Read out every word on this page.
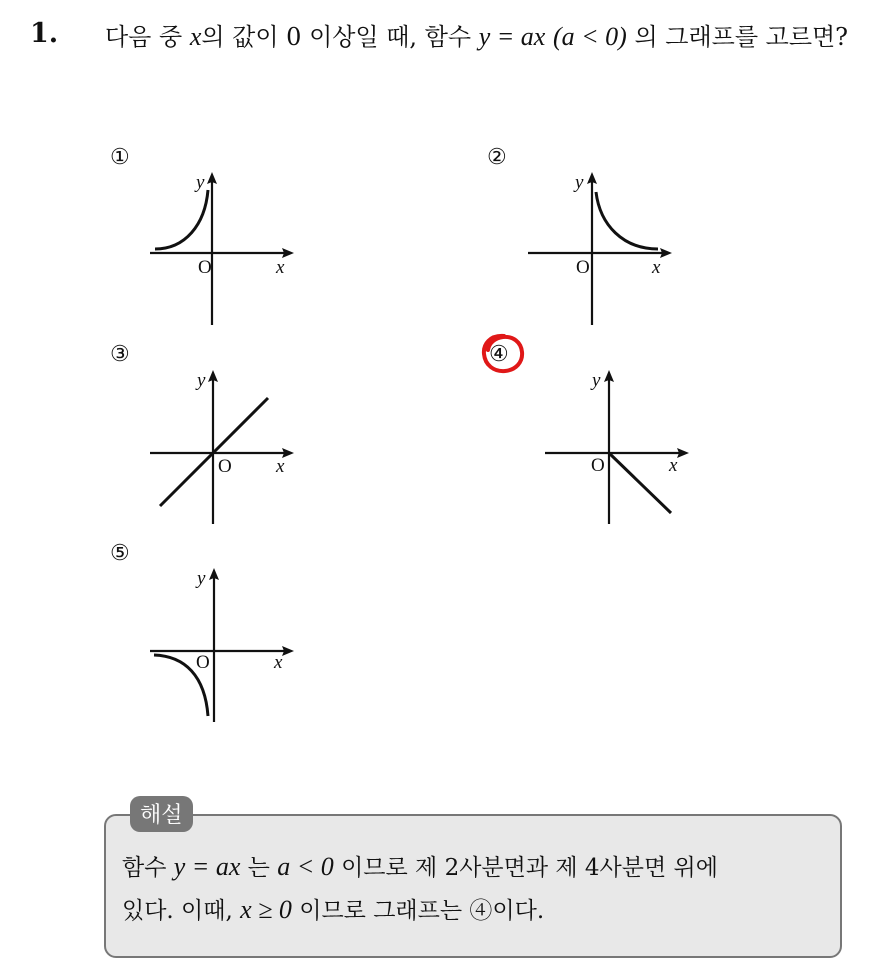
1. 다음 중 x의 값이 0 이상일 때, 함수 y = ax (a < 0) 의 그래프를 고르면?
①
y
x
O
②
y
x
O
③
y
x
O
④
y
x
O
⑤
y
x
O
해설
함수 y = ax 는 a < 0 이므로 제 2사분면과 제 4사분면 위에
있다. 이때, x ≥ 0 이므로 그래프는 ④이다.
